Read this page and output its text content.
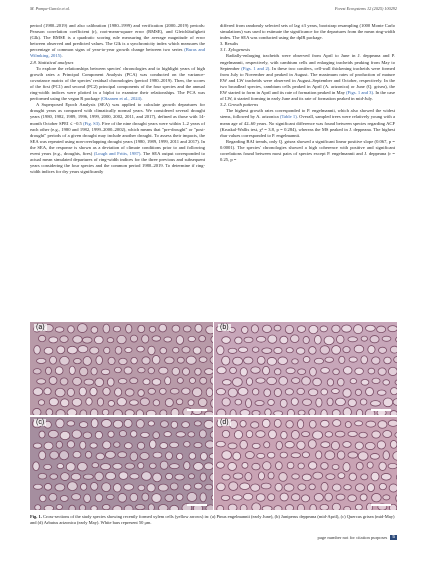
M. Pompa-García et al.	Forest Ecosystems 12 (2025) 100292

period (1980–2019) and also calibration (1980–1999) and verification (2000–2019) periods: Pearson correlation coefficient (r), root-mean-square error (RMSE), and Gleichläufigkeit (Glk). The RMSE is a quadratic scoring rule measuring the average magnitude of error between observed and predicted values. The Glk is a synchronicity index which measures the percentage of common signs of year-to-year growth change between two series (Buras and Wilmking, 2015).

2.8. Statistical analyses

To explore the relationships between species' chronologies and to highlight years of high growth rates a Principal Component Analysis (PCA) was conducted on the variance-covariance matrix of the species' residual chronologies (period 1980–2019). Then, the scores of the first (PC1) and second (PC2) principal components of the four species and the annual ring-width indices were plotted in a biplot to examine their relationships. The PCA was performed using the vegan R package (Oksanen et al., 2024).

A Superposed Epoch Analysis (SEA) was applied to calculate growth departures for drought years as compared with climatically normal years. We considered several drought years (1980, 1982, 1989, 1996, 1999, 2000, 2002, 2011, and 2017), defined as those with 14-month October SPEI ≤ −0.5 (Fig. S3). Five of the nine drought years were within 1–2 years of each other (e.g., 1980 and 1982, 1999–2000–2002), which means that "pre-drought" or "post-drought" periods of a given drought may include another drought. To assess their impacts, the SEA was repeated using non-overlapping drought years (1980, 1989, 1999, 2011 and 2017). In the SEA, the response is shown as a deviation of climate conditions prior to and following event years (e.g., droughts, fires) (Lough and Fritts, 1987). The SEA output corresponded to actual mean simulated departures of ring-width indices for the three previous and subsequent years considering the four species and the common period 1980–2019. To determine if ring-width indices for dry years significantly

differed from randomly selected sets of lag ±3 years, bootstrap resampling (1000 Monte Carlo simulations) was used to estimate the significance for the departures from the mean ring-width index. The SEA was conducted using the dplR package.

3. Results

3.1. Xylogenesis

Radially-enlarging tracheids were observed from April to June in J. deppeana and P. engelmannii, respectively, with cambium cells and enlarging tracheids peaking from May to September (Figs. 1 and 2). In these two conifers, cell-wall thickening tracheids were formed from July to November and peaked in August. The maximum rates of production of mature EW and LW tracheids were observed in August–September and October, respectively. In the two broadleaf species, cambium cells peaked in April (A. arizonica) or June (Q. grisea), the EW started to form in April and its rate of formation peaked in May (Figs. 1 and 3). In the case of LW, it started forming in early June and its rate of formation peaked in mid-July.

3.2. Growth patterns

The highest growth rates corresponded to P. engelmannii, which also showed the widest stems, followed by A. arizonica (Table 1). Overall, sampled trees were relatively young with a mean age of 42–60 years. No significant difference was found between species regarding ACF (Kruskal-Wallis test, χ² = 3.8, p = 0.284), whereas the MS peaked in J. deppeana. The highest rbar values corresponded to P. engelmannii.

Regarding BAI trends, only Q. grisea showed a significant linear positive slope (0.067, p = 0.0001). The species' chronologies showed a high coherence with positive and significant correlations found between most pairs of species except P. engelmannii and J. deppeana (r = 0.25, p =

(a)	(b)
(c)	(d)
Fig. 1. Cross-sections of the study species showing recently formed xylem cells (yellow arrows) in: (a) Pinus engelmannii (early June), (b) Juniperus deppeana (mid-April), (c) Quercus grisea (mid-May) and (d) Arbutus arizonica (early May). White bars represent 50 μm.
page number not for citation purposes	5
